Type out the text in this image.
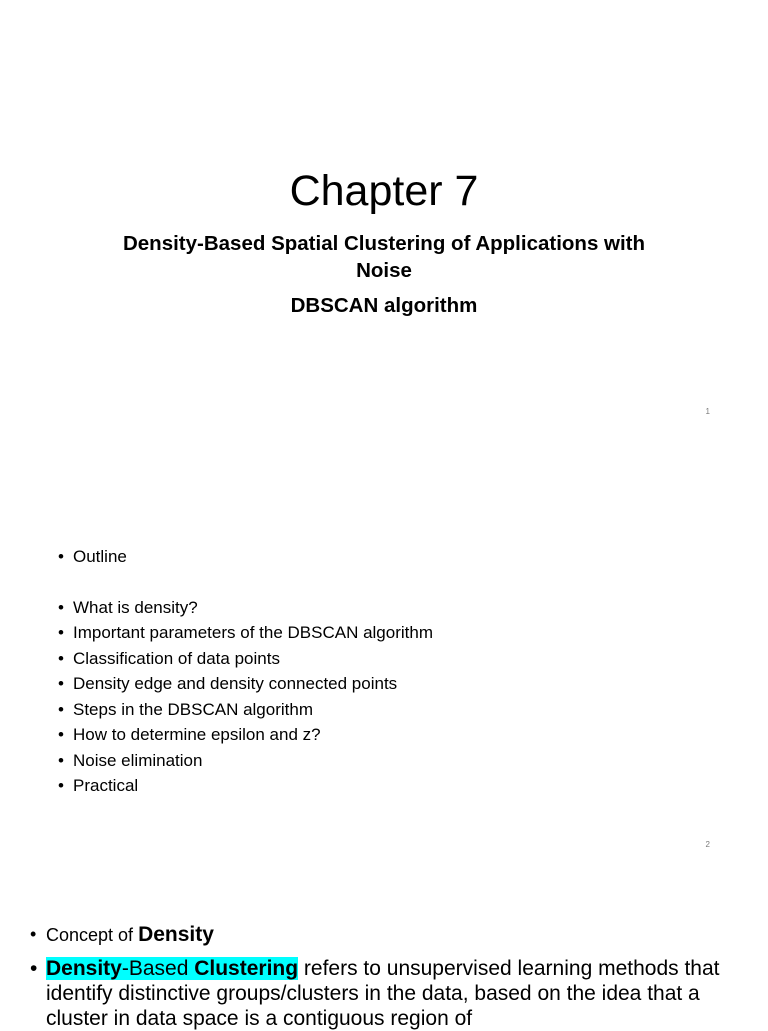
Chapter 7
Density-Based Spatial Clustering of Applications with Noise
DBSCAN algorithm
1
• Outline
• What is density?
• Important parameters of the DBSCAN algorithm
• Classification of data points
• Density edge and density connected points
• Steps in the DBSCAN algorithm
• How to determine epsilon and z?
• Noise elimination
• Practical
2
• Concept of Density
• Density-Based Clustering refers to unsupervised learning methods that identify distinctive groups/clusters in the data, based on the idea that a cluster in data space is a contiguous region of
